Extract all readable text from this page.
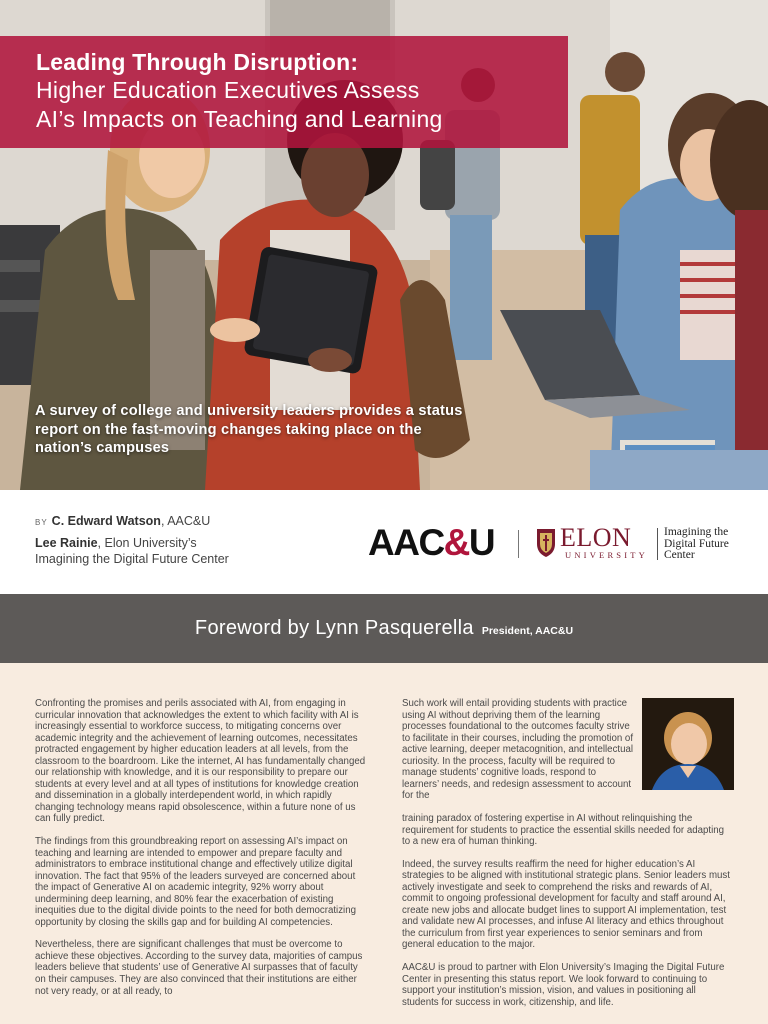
Leading Through Disruption:
Higher Education Executives Assess
AI’s Impacts on Teaching and Learning
A survey of college and university leaders provides a status report on the fast-moving changes taking place on the nation’s campuses
BY C. Edward Watson, AAC&U
Lee Rainie, Elon University’s
Imagining the Digital Future Center	AAC&U	ELON
UNIVERSITY
Imagining the
Digital Future
Center
Foreword by Lynn Pasquerella President, AAC&U

Confronting the promises and perils associated with AI, from engaging in curricular innovation that acknowledges the extent to which facility with AI is increasingly essential to workforce success, to mitigating concerns over academic integrity and the achievement of learning outcomes, necessitates protracted engagement by higher education leaders at all levels, from the classroom to the boardroom. Like the internet, AI has fundamentally changed our relationship with knowledge, and it is our responsibility to prepare our students at every level and at all types of institutions for knowledge creation and dissemination in a globally interdependent world, in which rapidly changing technology means rapid obsolescence, within a future none of us can fully predict.

The findings from this groundbreaking report on assessing AI’s impact on teaching and learning are intended to empower and prepare faculty and administrators to embrace institutional change and effectively utilize digital innovation. The fact that 95% of the leaders surveyed are concerned about the impact of Generative AI on academic integrity, 92% worry about undermining deep learning, and 80% fear the exacerbation of existing inequities due to the digital divide points to the need for both democratizing opportunity by closing the skills gap and for building AI competencies.

Nevertheless, there are significant challenges that must be overcome to achieve these objectives. According to the survey data, majorities of campus leaders believe that students’ use of Generative AI surpasses that of faculty on their campuses. They are also convinced that their institutions are either not very ready, or at all ready, to

Such work will entail providing students with practice using AI without depriving them of the learning processes foundational to the outcomes faculty strive to facilitate in their courses, including the promotion of active learning, deeper metacognition, and intellectual curiosity. In the process, faculty will be required to manage students’ cognitive loads, respond to learners’ needs, and redesign assessment to account for the

training paradox of fostering expertise in AI without relinquishing the requirement for students to practice the essential skills needed for adapting to a new era of human thinking.

Indeed, the survey results reaffirm the need for higher education’s AI strategies to be aligned with institutional strategic plans. Senior leaders must actively investigate and seek to comprehend the risks and rewards of AI, commit to ongoing professional development for faculty and staff around AI, create new jobs and allocate budget lines to support AI implementation, test and validate new AI processes, and infuse AI literacy and ethics throughout the curriculum from first year experiences to senior seminars and from general education to the major.

AAC&U is proud to partner with Elon University’s Imaging the Digital Future Center in presenting this status report. We look forward to continuing to support your institution’s mission, vision, and values in positioning all students for success in work, citizenship, and life.
